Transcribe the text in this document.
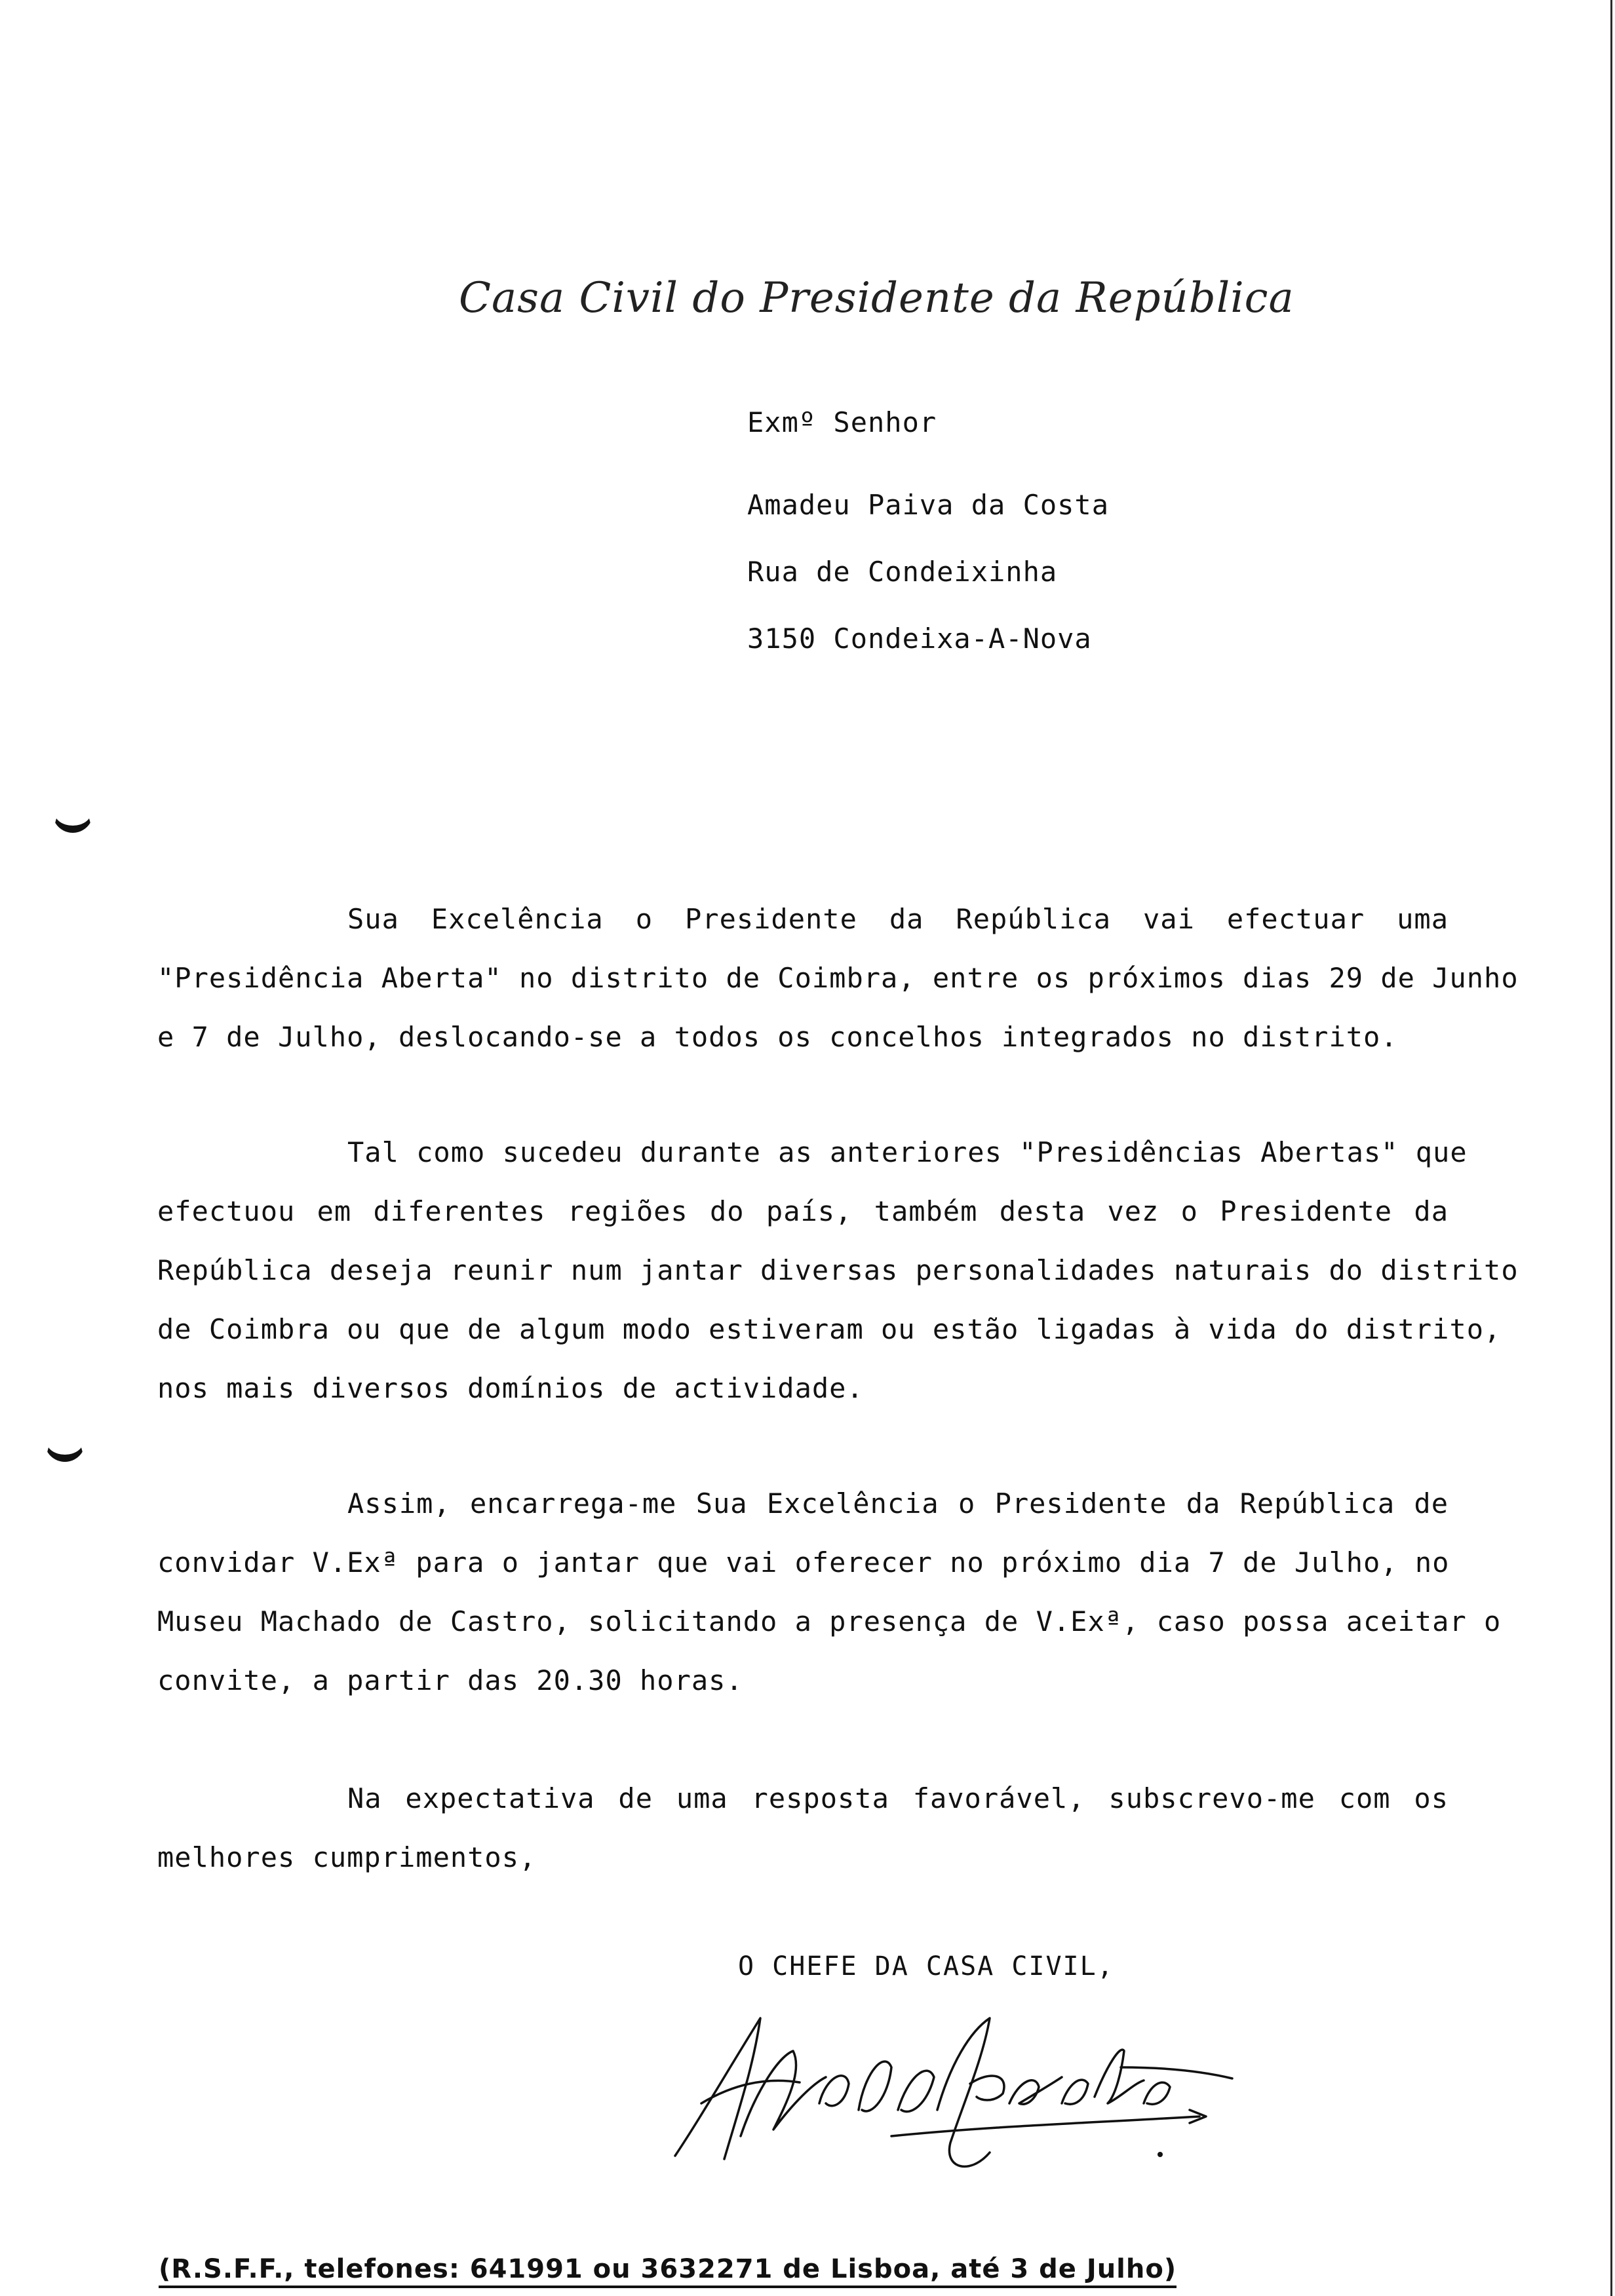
Casa Civil do Presidente da República
Exmº Senhor
Amadeu Paiva da Costa
Rua de Condeixinha
3150 Condeixa-A-Nova
Sua Excelência o Presidente da República vai efectuar uma
"Presidência Aberta" no distrito de Coimbra, entre os próximos dias 29 de Junho
e 7 de Julho, deslocando-se a todos os concelhos integrados no distrito.
Tal como sucedeu durante as anteriores "Presidências Abertas" que
efectuou em diferentes regiões do país, também desta vez o Presidente da
República deseja reunir num jantar diversas personalidades naturais do distrito
de Coimbra ou que de algum modo estiveram ou estão ligadas à vida do distrito,
nos mais diversos domínios de actividade.
Assim, encarrega-me Sua Excelência o Presidente da República de
convidar V.Exª para o jantar que vai oferecer no próximo dia 7 de Julho, no
Museu Machado de Castro, solicitando a presença de V.Exª, caso possa aceitar o
convite, a partir das 20.30 horas.
Na expectativa de uma resposta favorável, subscrevo-me com os
melhores cumprimentos,
O CHEFE DA CASA CIVIL,
(R.S.F.F., telefones: 641991 ou 3632271 de Lisboa, até 3 de Julho)
